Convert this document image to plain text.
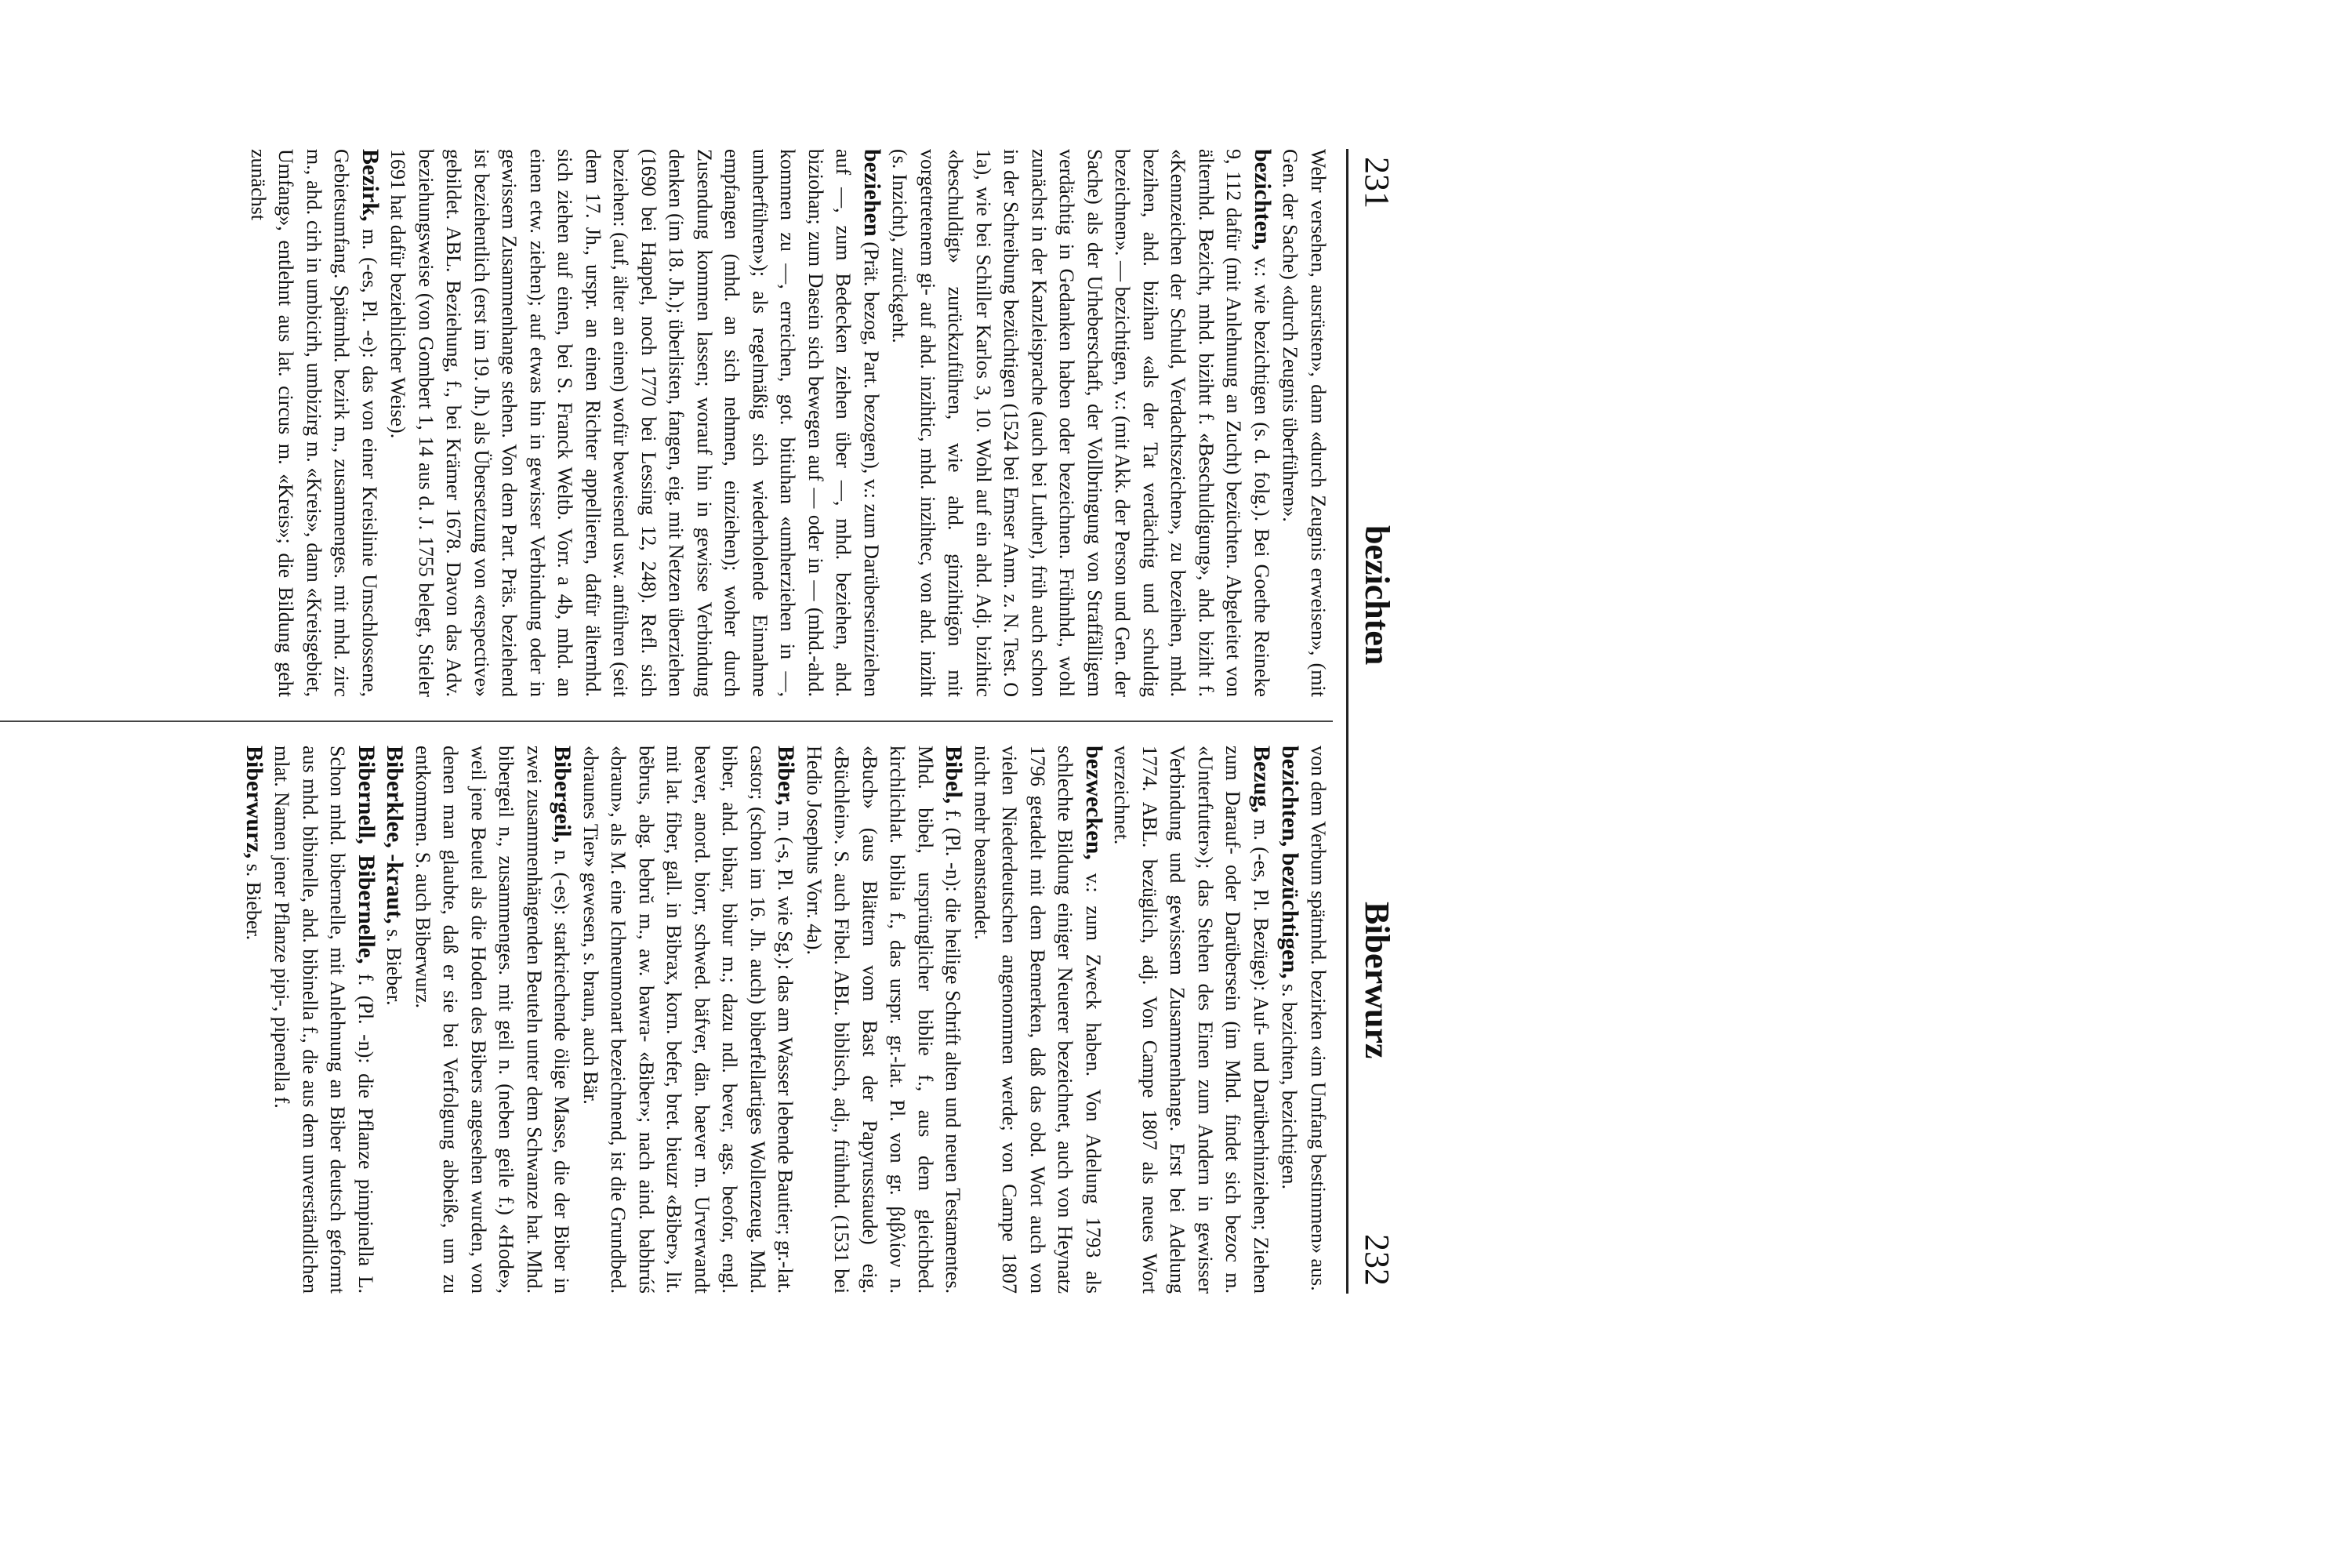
231
bezichten
Biberwurz
232

Wehr versehen, ausrüsten», dann «durch Zeugnis erweisen», (mit Gen. der Sache) «durch Zeugnis überführen».

bezichten, v.: wie bezichtigen (s. d. folg.). Bei Goethe Reineke 9, 112 dafür (mit Anlehnung an Zucht) bezüchten. Abgeleitet von älternhd. Bezicht, mhd. bizihtt f. «Beschuldigung», ahd. biziht f. «Kennzeichen der Schuld, Verdachtszeichen», zu bezeihen, mhd. bezihen, ahd. bizihan «als der Tat verdächtig und schuldig bezeichnen». — bezichtigen, v.: (mit Akk. der Person und Gen. der Sache) als der Urheberschaft, der Vollbringung von Straffälligem verdächtig in Gedanken haben oder bezeichnen. Frühnhd., wohl zunächst in der Kanzleisprache (auch bei Luther), früh auch schon in der Schreibung bezüchtigen (1524 bei Emser Anm. z. N. Test. O 1a), wie bei Schiller Karlos 3, 10. Wohl auf ein ahd. Adj. bizihtic «beschuldigt» zurückzuführen, wie ahd. ginzihtigōn mit vorgetretenem gi- auf ahd. inzihtic, mhd. inzihtec, von ahd. inziht (s. Inzicht), zurückgeht.

beziehen (Prät. bezog, Part. bezogen), v.: zum Darüberseinziehen auf —, zum Bedecken ziehen über —, mhd. beziehen, ahd. biziohan; zum Dasein sich bewegen auf — oder in — (mhd.-ahd. kommen zu —, erreichen, got. bitiuhan «umherziehen in —, umherführen»); als regelmäßig sich wiederholende Einnahme empfangen (mhd. an sich nehmen, einziehen); woher durch Zusendung kommen lassen; worauf hin in gewisse Verbindung denken (im 18. Jh.); überlisten, fangen, eig. mit Netzen überziehen (1690 bei Happel, noch 1770 bei Lessing 12, 248). Refl. sich beziehen: (auf, älter an einen) wofür beweisend usw. anführen (seit dem 17. Jh., urspr. an einen Richter appellieren, dafür älternhd. sich ziehen auf einen, bei S. Franck Weltb. Vorr. a 4b, mhd. an einen etw. ziehen); auf etwas hin in gewisser Verbindung oder in gewissem Zusammenhange stehen. Von dem Part. Präs. beziehend ist beziehentlich (erst im 19. Jh.) als Übersetzung von «respective» gebildet. ABL. Beziehung, f., bei Krämer 1678. Davon das Adv. beziehungsweise (von Gombert 1, 14 aus d. J. 1755 belegt, Stieler 1691 hat dafür beziehlicher Weise).

Bezirk, m. (-es, Pl. -e): das von einer Kreislinie Umschlossene, Gebietsumfang. Spätmhd. bezirk m., zusammenges. mit mhd. zirc m., ahd. cirh in umbicirh, umbizirg m. «Kreis», dann «Kreisgebiet, Umfang», entlehnt aus lat. circus m. «Kreis»; die Bildung geht zunächst

von dem Verbum spätmhd. bezirken «im Umfang bestimmen» aus.

bezichten, bezüchtigen, s. bezichten, bezichtigen.

Bezug, m. (-es, Pl. Bezüge): Auf- und Darüberhinziehen; Ziehen zum Darauf- oder Darübersein (im Mhd. findet sich bezoc m. «Unterfutter»); das Stehen des Einen zum Andern in gewisser Verbindung und gewissem Zusammenhange. Erst bei Adelung 1774. ABL. bezüglich, adj. Von Campe 1807 als neues Wort verzeichnet.

bezwecken, v.: zum Zweck haben. Von Adelung 1793 als schlechte Bildung einiger Neuerer bezeichnet, auch von Heynatz 1796 getadelt mit dem Bemerken, daß das obd. Wort auch von vielen Niederdeutschen angenommen werde; von Campe 1807 nicht mehr beanstandet.

Bibel, f. (Pl. -n): die heilige Schrift alten und neuen Testamentes. Mhd. bibel, ursprünglicher biblie f., aus dem gleichbed. kirchlichlat. biblia f., das urspr. gr.-lat. Pl. von gr. βιβλίον n. «Buch» (aus Blättern vom Bast der Papyrusstaude) eig. «Büchlein». S. auch Fibel. ABL. biblisch, adj., frühnhd. (1531 bei Hedio Josephus Vorr. 4a).

Biber, m. (-s, Pl. wie Sg.): das am Wasser lebende Bautier; gr.-lat. castor; (schon im 16. Jh. auch) biberfellartiges Wollenzeug. Mhd. biber, ahd. bibar, bibur m.; dazu ndl. bever, ags. beofor, engl. beaver, anord. biorr, schwed. bäfver, dän. baever m. Urverwandt mit lat. fiber, gall. in Bibrax, korn. befer, bret. bieuzr «Biber», lit. bẽbrus, abg. bebrŭ m., aw. bawra- «Biber»; nach aind. babhrúś «braun», als M. eine Ichneumonart bezeichnend, ist die Grundbed. «braunes Tier» gewesen, s. braun, auch Bär.

Bibergeil, n. (-es): starkriechende ölige Masse, die der Biber in zwei zusammenhängenden Beuteln unter dem Schwanze hat. Mhd. bibergeil n., zusammenges. mit geil n. (neben geile f.) «Hode», weil jene Beutel als die Hoden des Bibers angesehen wurden, von denen man glaubte, daß er sie bei Verfolgung abbeiße, um zu entkommen. S. auch Biberwurz.

Biberklee, -kraut, s. Bieber.

Bibernell, Bibernelle, f. (Pl. -n): die Pflanze pimpinella L. Schon mhd. bibernelle, mit Anlehnung an Biber deutsch geformt aus mhd. bibinelle, ahd. bibinella f., die aus dem unverständlichen mlat. Namen jener Pflanze pipi-, pipenella f.

Biberwurz, s. Bieber.
